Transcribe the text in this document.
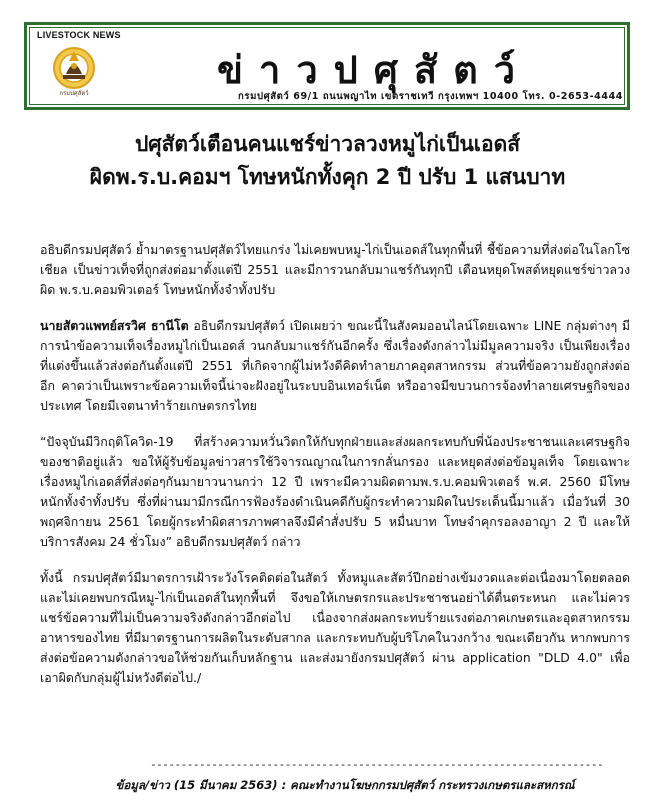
LIVESTOCK NEWS
กรมปศุสัตว์
ข่าวปศุสัตว์
กรมปศุสัตว์ 69/1 ถนนพญาไท เขตราชเทวี กรุงเทพฯ 10400 โทร. 0-2653-4444
ปศุสัตว์เตือนคนแชร์ข่าวลวงหมูไก่เป็นเอดส์
ผิดพ.ร.บ.คอมฯ โทษหนักทั้งคุก 2 ปี ปรับ 1 แสนบาท

อธิบดีกรมปศุสัตว์ ย้ำมาตรฐานปศุสัตว์ไทยแกร่ง ไม่เคยพบหมู-ไก่เป็นเอดส์ในทุกพื้นที่ ชี้ข้อความที่ส่งต่อในโลกโซเชียล เป็นข่าวเท็จที่ถูกส่งต่อมาตั้งแต่ปี 2551 และมีการวนกลับมาแชร์กันทุกปี เตือนหยุดโพสต์หยุดแชร์ข่าวลวงผิด พ.ร.บ.คอมพิวเตอร์ โทษหนักทั้งจำทั้งปรับ

นายสัตวแพทย์สรวิศ ธานีโต อธิบดีกรมปศุสัตว์ เปิดเผยว่า ขณะนี้ในสังคมออนไลน์โดยเฉพาะ LINE กลุ่มต่างๆ มีการนำข้อความเท็จเรื่องหมูไก่เป็นเอดส์ วนกลับมาแชร์กันอีกครั้ง ซึ่งเรื่องดังกล่าวไม่มีมูลความจริง เป็นเพียงเรื่องที่แต่งขึ้นแล้วส่งต่อกันตั้งแต่ปี 2551 ที่เกิดจากผู้ไม่หวังดีคิดทำลายภาคอุตสาหกรรม ส่วนที่ข้อความยังถูกส่งต่ออีก คาดว่าเป็นเพราะข้อความเท็จนี้น่าจะฝังอยู่ในระบบอินเทอร์เน็ต หรืออาจมีขบวนการจ้องทำลายเศรษฐกิจของประเทศ โดยมีเจตนาทำร้ายเกษตรกรไทย

“ปัจจุบันมีวิกฤติโควิด-19 ที่สร้างความหวั่นวิตกให้กับทุกฝ่ายและส่งผลกระทบกับพี่น้องประชาชนและเศรษฐกิจของชาติอยู่แล้ว ขอให้ผู้รับข้อมูลข่าวสารใช้วิจารณญาณในการกลั่นกรอง และหยุดส่งต่อข้อมูลเท็จ โดยเฉพาะเรื่องหมูไก่เอดส์ที่ส่งต่อๆกันมายาวนานกว่า 12 ปี เพราะมีความผิดตามพ.ร.บ.คอมพิวเตอร์ พ.ศ. 2560 มีโทษหนักทั้งจำทั้งปรับ ซึ่งที่ผ่านมามีกรณีการฟ้องร้องดำเนินคดีกับผู้กระทำความผิดในประเด็นนี้มาแล้ว เมื่อวันที่ 30 พฤศจิกายน 2561 โดยผู้กระทำผิดสารภาพศาลจึงมีคำสั่งปรับ 5 หมื่นบาท โทษจำคุกรอลงอาญา 2 ปี และให้บริการสังคม 24 ชั่วโมง” อธิบดีกรมปศุสัตว์ กล่าว

ทั้งนี้ กรมปศุสัตว์มีมาตรการเฝ้าระวังโรคติดต่อในสัตว์ ทั้งหมูและสัตว์ปีกอย่างเข้มงวดและต่อเนื่องมาโดยตลอด และไม่เคยพบกรณีหมู-ไก่เป็นเอดส์ในทุกพื้นที่ จึงขอให้เกษตรกรและประชาชนอย่าได้ตื่นตระหนก และไม่ควรแชร์ข้อความที่ไม่เป็นความจริงดังกล่าวอีกต่อไป เนื่องจากส่งผลกระทบร้ายแรงต่อภาคเกษตรและอุตสาหกรรมอาหารของไทย ที่มีมาตรฐานการผลิตในระดับสากล และกระทบกับผู้บริโภคในวงกว้าง ขณะเดียวกัน หากพบการส่งต่อข้อความดังกล่าวขอให้ช่วยกันเก็บหลักฐาน และส่งมายังกรมปศุสัตว์ ผ่าน application "DLD 4.0" เพื่อเอาผิดกับกลุ่มผู้ไม่หวังดีต่อไป./

--------------------------------------------------------------------------
ข้อมูล/ข่าว (15 มีนาคม 2563) : คณะทำงานโฆษกกรมปศุสัตว์ กระทรวงเกษตรและสหกรณ์
